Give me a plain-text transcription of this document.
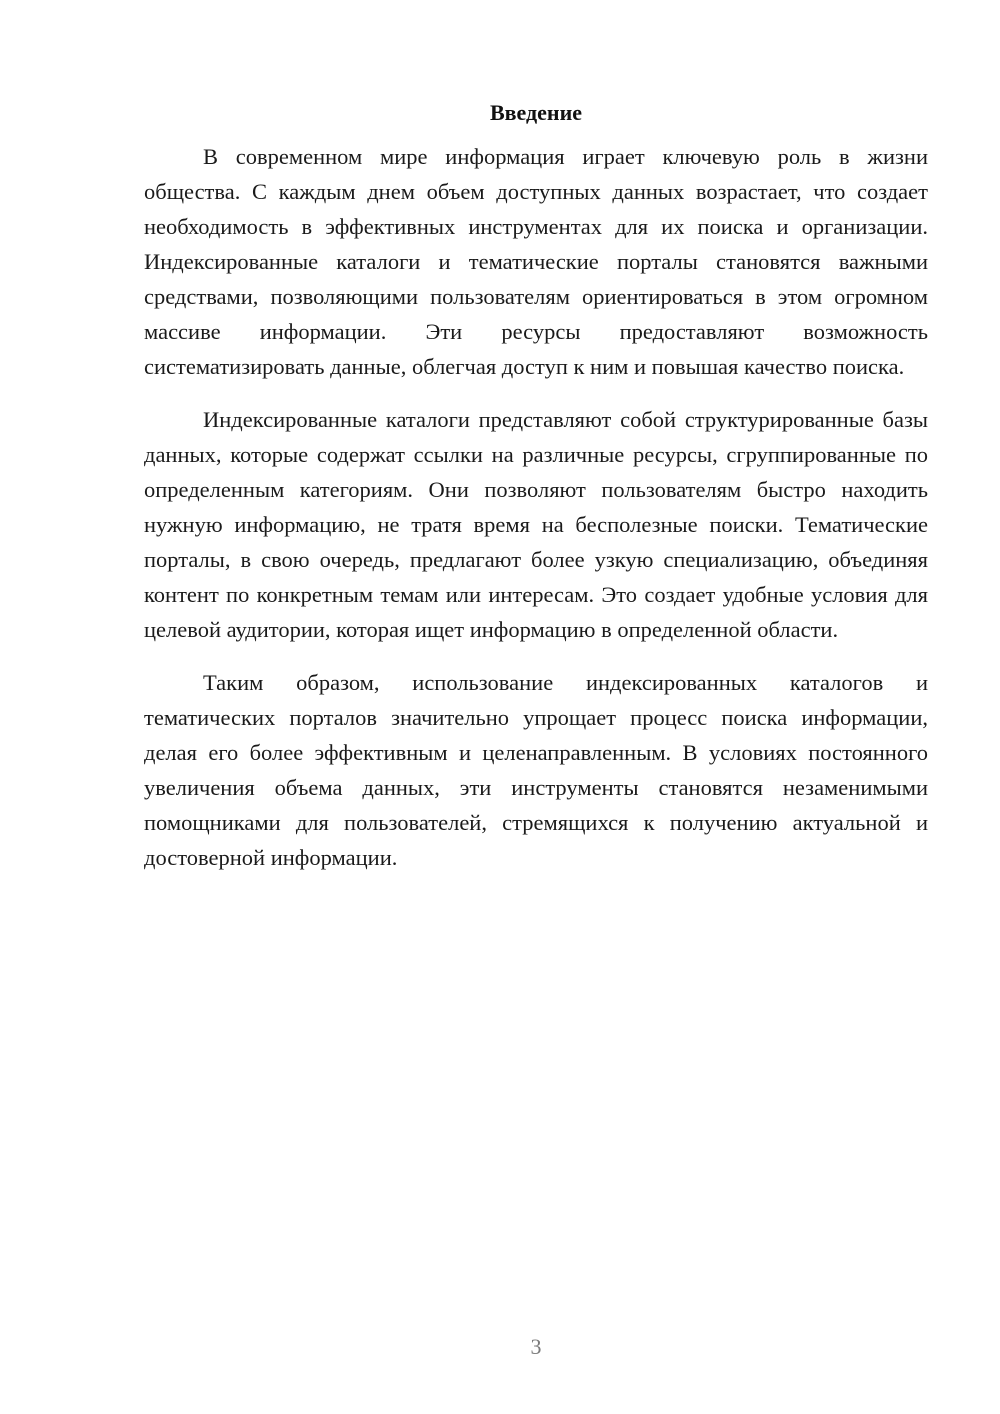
Введение

В современном мире информация играет ключевую роль в жизни общества. С каждым днем объем доступных данных возрастает, что создает необходимость в эффективных инструментах для их поиска и организации. Индексированные каталоги и тематические порталы становятся важными средствами, позволяющими пользователям ориентироваться в этом огромном массиве информации. Эти ресурсы предоставляют возможность систематизировать данные, облегчая доступ к ним и повышая качество поиска.

Индексированные каталоги представляют собой структурированные базы данных, которые содержат ссылки на различные ресурсы, сгруппированные по определенным категориям. Они позволяют пользователям быстро находить нужную информацию, не тратя время на бесполезные поиски. Тематические порталы, в свою очередь, предлагают более узкую специализацию, объединяя контент по конкретным темам или интересам. Это создает удобные условия для целевой аудитории, которая ищет информацию в определенной области.

Таким образом, использование индексированных каталогов и тематических порталов значительно упрощает процесс поиска информации, делая его более эффективным и целенаправленным. В условиях постоянного увеличения объема данных, эти инструменты становятся незаменимыми помощниками для пользователей, стремящихся к получению актуальной и достоверной информации.

3
